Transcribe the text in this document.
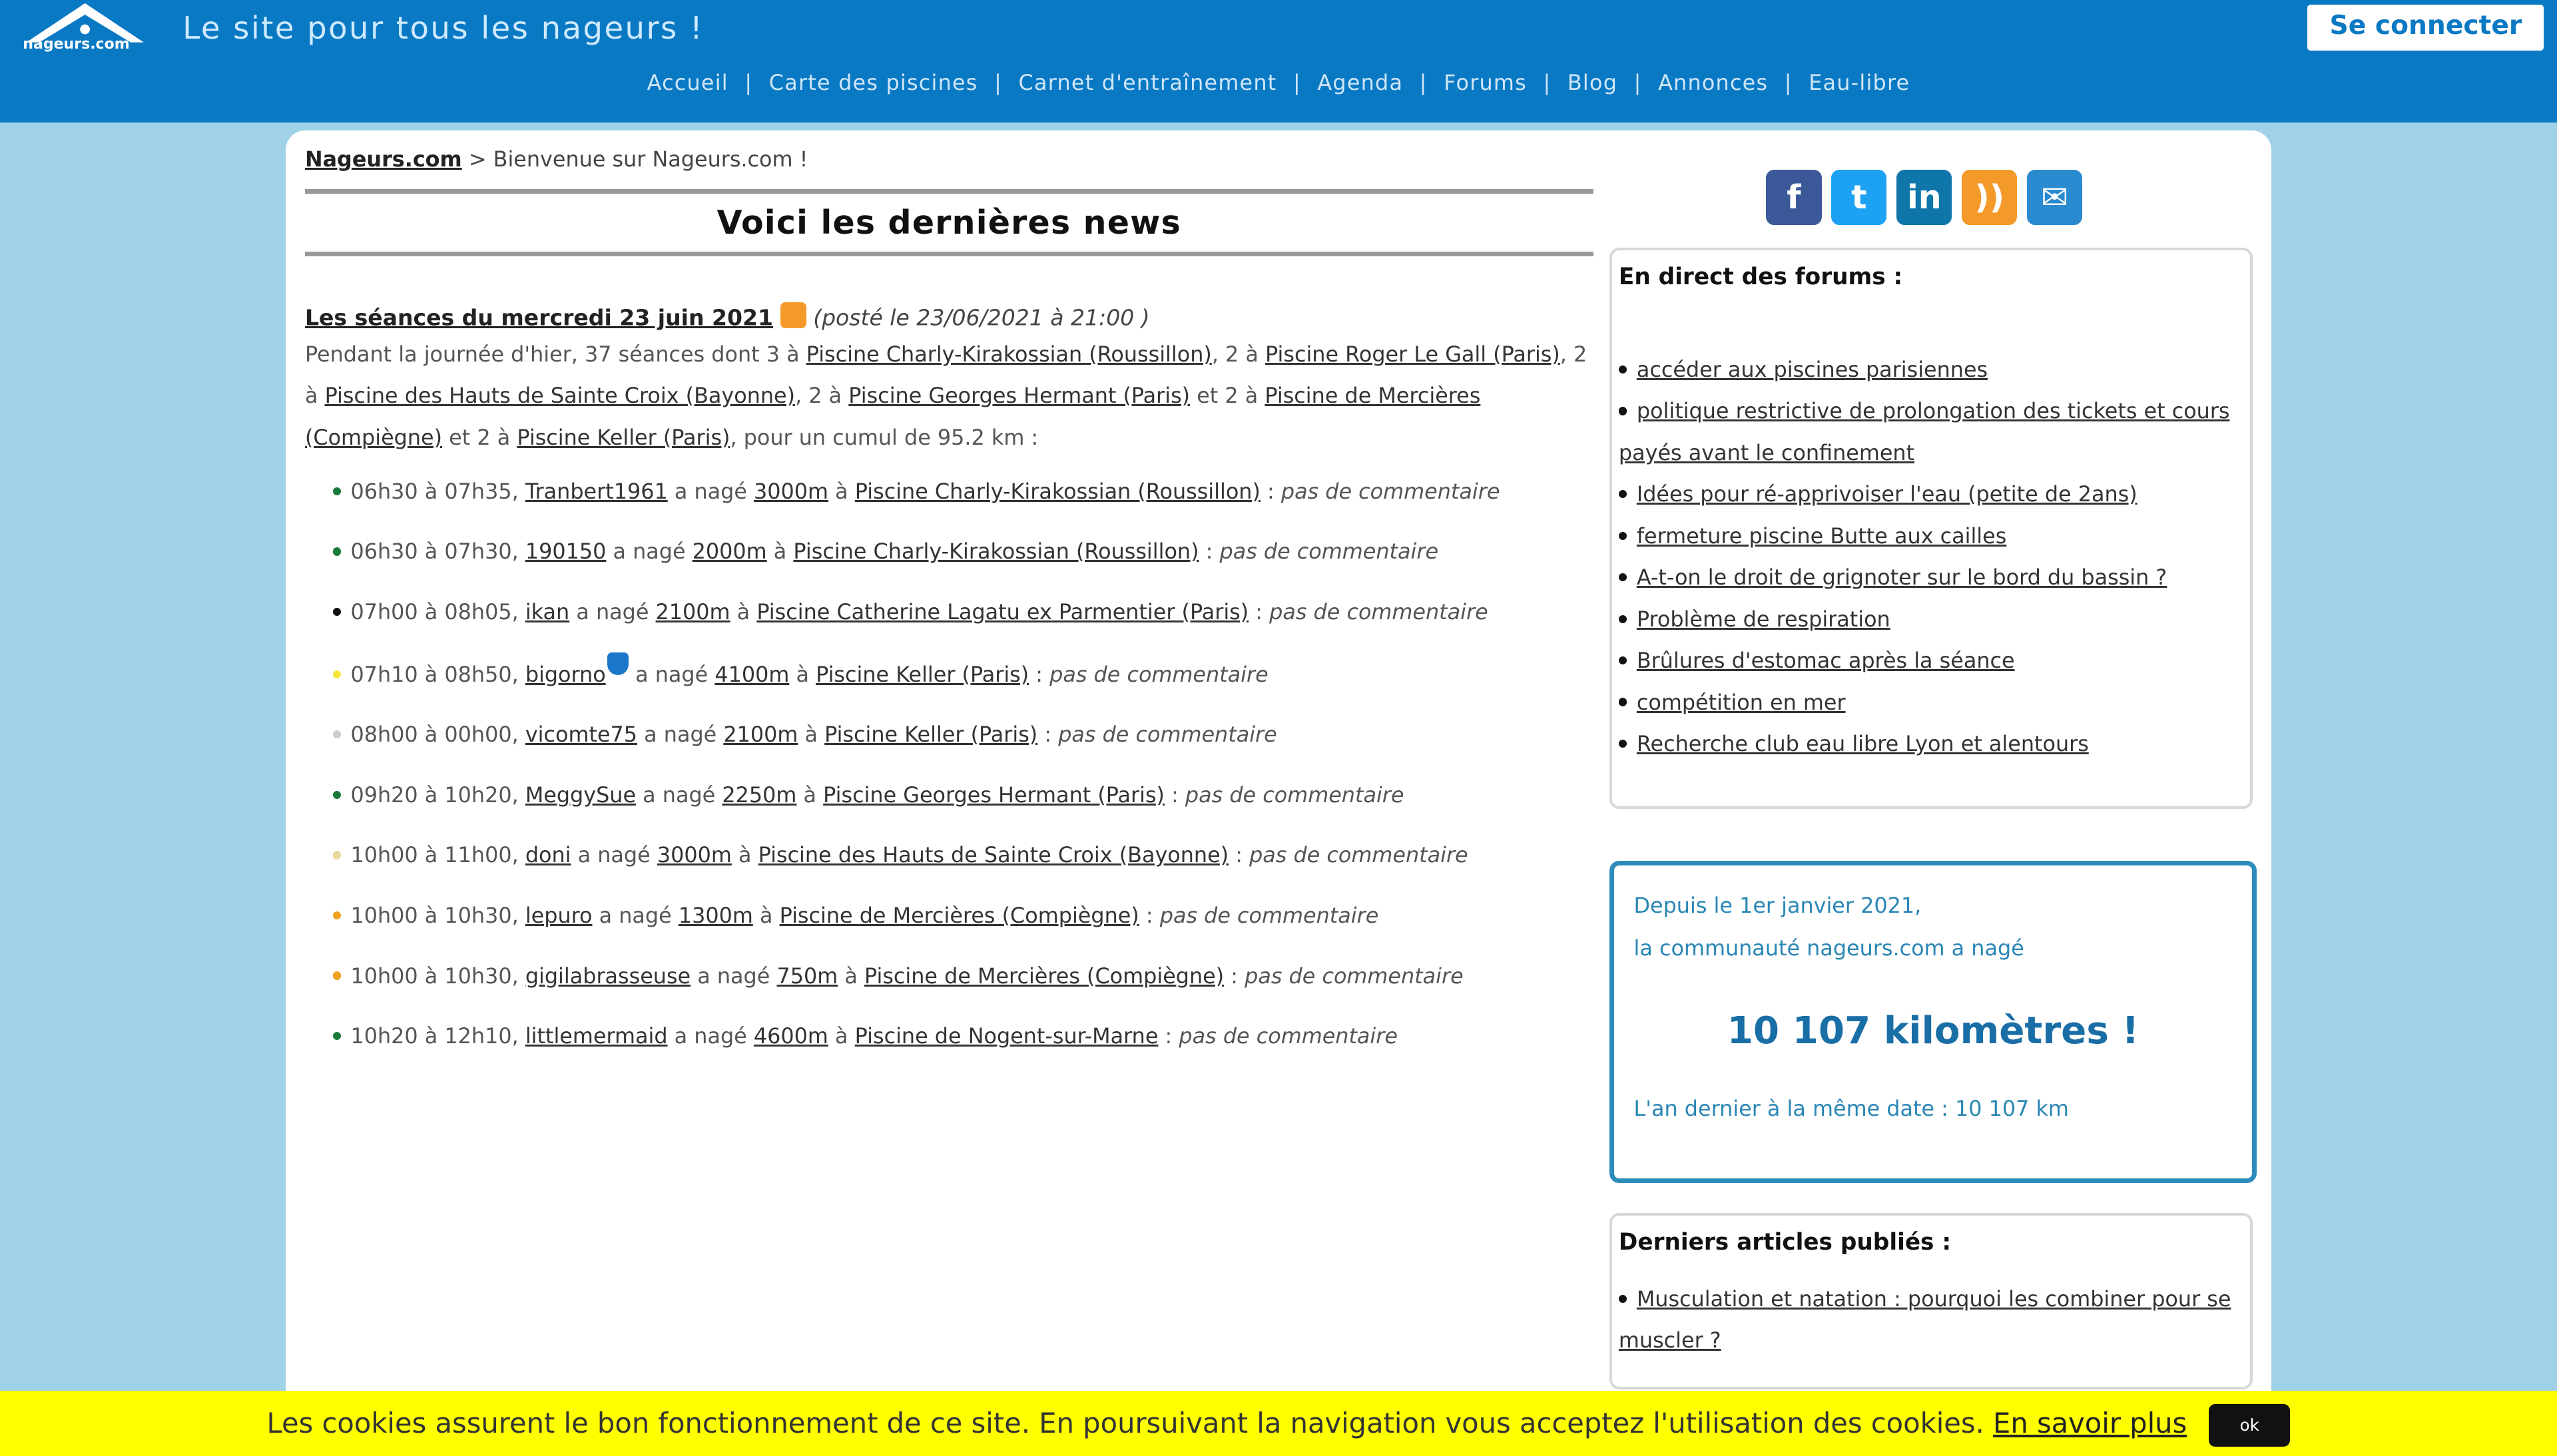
nageurs.com Le site pour tous les nageurs !	Se connecter
Accueil | Carte des piscines | Carnet d'entraînement | Agenda | Forums | Blog | Annonces | Eau-libre
Nageurs.com > Bienvenue sur Nageurs.com !
Voici les dernières news
Les séances du mercredi 23 juin 2021 (posté le 23/06/2021 à 21:00 )
Pendant la journée d'hier, 37 séances dont 3 à Piscine Charly-Kirakossian (Roussillon), 2 à Piscine Roger Le Gall (Paris), 2 à Piscine des Hauts de Sainte Croix (Bayonne), 2 à Piscine Georges Hermant (Paris) et 2 à Piscine de Mercières (Compiègne) et 2 à Piscine Keller (Paris), pour un cumul de 95.2 km :
06h30 à 07h35, Tranbert1961 a nagé 3000m à Piscine Charly-Kirakossian (Roussillon) : pas de commentaire
06h30 à 07h30, 190150 a nagé 2000m à Piscine Charly-Kirakossian (Roussillon) : pas de commentaire
07h00 à 08h05, ikan a nagé 2100m à Piscine Catherine Lagatu ex Parmentier (Paris) : pas de commentaire
07h10 à 08h50, bigorno a nagé 4100m à Piscine Keller (Paris) : pas de commentaire
08h00 à 00h00, vicomte75 a nagé 2100m à Piscine Keller (Paris) : pas de commentaire
09h20 à 10h20, MeggySue a nagé 2250m à Piscine Georges Hermant (Paris) : pas de commentaire
10h00 à 11h00, doni a nagé 3000m à Piscine des Hauts de Sainte Croix (Bayonne) : pas de commentaire
10h00 à 10h30, lepuro a nagé 1300m à Piscine de Mercières (Compiègne) : pas de commentaire
10h00 à 10h30, gigilabrasseuse a nagé 750m à Piscine de Mercières (Compiègne) : pas de commentaire
10h20 à 12h10, littlemermaid a nagé 4600m à Piscine de Nogent-sur-Marne : pas de commentaire
f	t	in	))	✉
En direct des forums :
accéder aux piscines parisiennes
politique restrictive de prolongation des tickets et cours payés avant le confinement
Idées pour ré-apprivoiser l'eau (petite de 2ans)
fermeture piscine Butte aux cailles
A-t-on le droit de grignoter sur le bord du bassin ?
Problème de respiration
Brûlures d'estomac après la séance
compétition en mer
Recherche club eau libre Lyon et alentours
Depuis le 1er janvier 2021,
la communauté nageurs.com a nagé
10 107 kilomètres !
L'an dernier à la même date : 10 107 km
Derniers articles publiés :
Musculation et natation : pourquoi les combiner pour se muscler ?
Les cookies assurent le bon fonctionnement de ce site. En poursuivant la navigation vous acceptez l'utilisation des cookies. En savoir plus	ok
